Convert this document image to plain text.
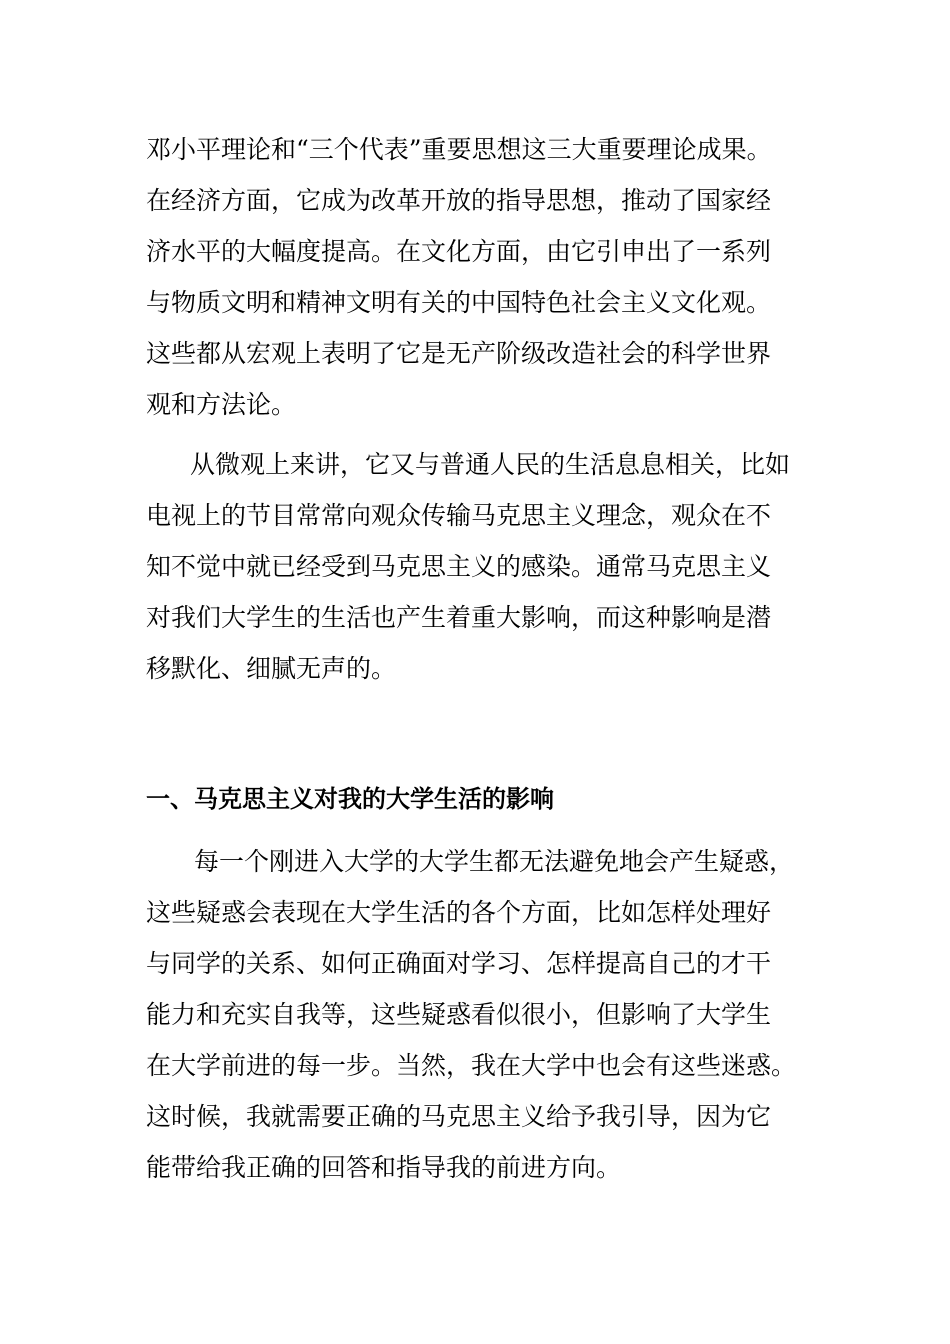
邓小平理论和“三个代表”重要思想这三大重要理论成果。

在经济方面，它成为改革开放的指导思想，推动了国家经

济水平的大幅度提高。在文化方面，由它引申出了一系列

与物质文明和精神文明有关的中国特色社会主义文化观。

这些都从宏观上表明了它是无产阶级改造社会的科学世界

观和方法论。

从微观上来讲，它又与普通人民的生活息息相关，比如

电视上的节目常常向观众传输马克思主义理念，观众在不

知不觉中就已经受到马克思主义的感染。通常马克思主义

对我们大学生的生活也产生着重大影响，而这种影响是潜

移默化、细腻无声的。

一、马克思主义对我的大学生活的影响

每一个刚进入大学的大学生都无法避免地会产生疑惑，

这些疑惑会表现在大学生活的各个方面，比如怎样处理好

与同学的关系、如何正确面对学习、怎样提高自己的才干

能力和充实自我等，这些疑惑看似很小，但影响了大学生

在大学前进的每一步。当然，我在大学中也会有这些迷惑。

这时候，我就需要正确的马克思主义给予我引导，因为它

能带给我正确的回答和指导我的前进方向。
